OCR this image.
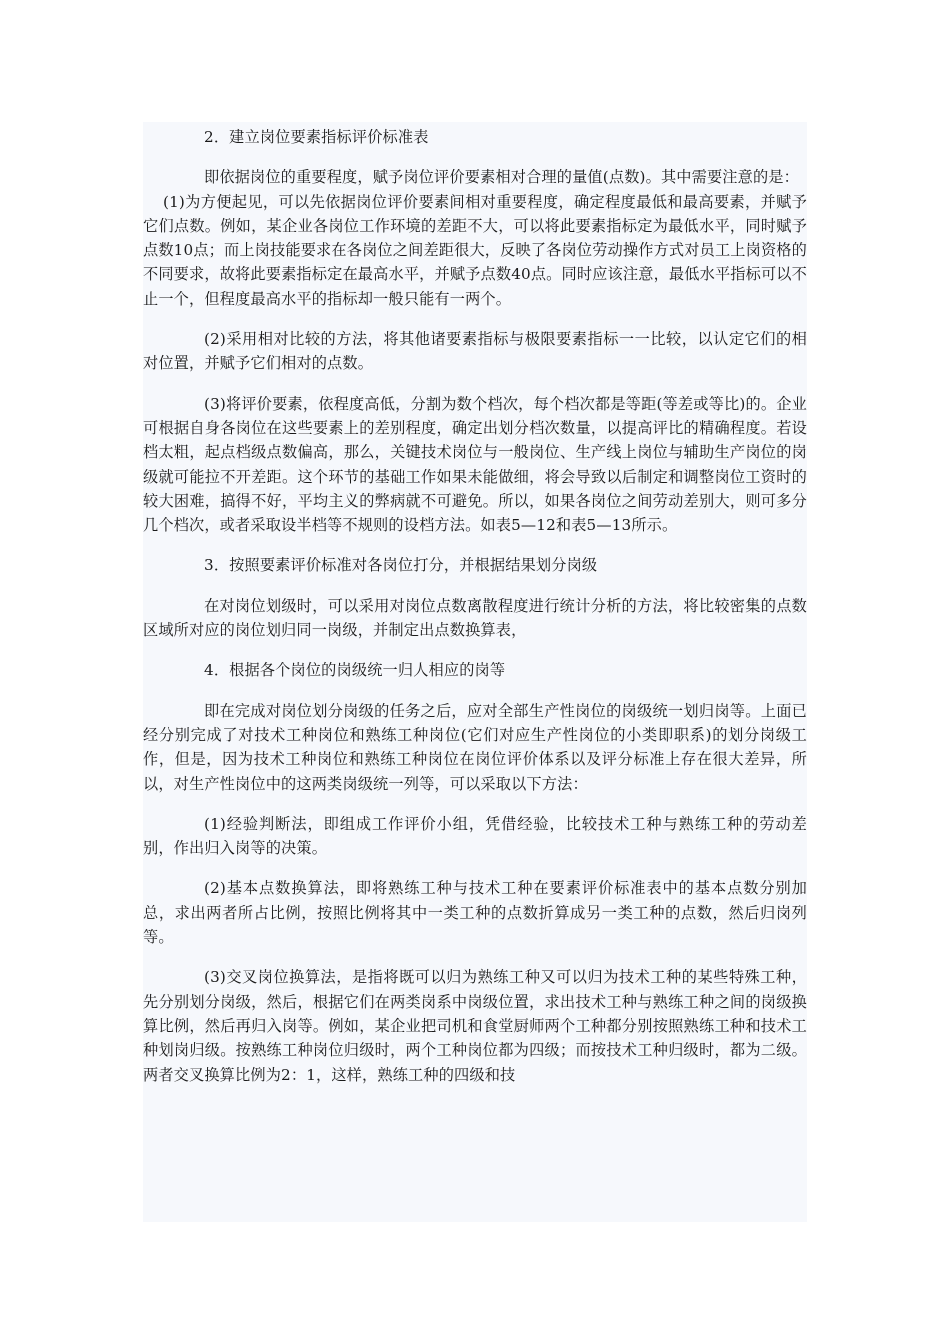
2．建立岗位要素指标评价标准表

即依据岗位的重要程度，赋予岗位评价要素相对合理的量值(点数)。其中需要注意的是：

(1)为方便起见，可以先依据岗位评价要素间相对重要程度，确定程度最低和最高要素，并赋予它们点数。例如，某企业各岗位工作环境的差距不大，可以将此要素指标定为最低水平，同时赋予点数10点；而上岗技能要求在各岗位之间差距很大，反映了各岗位劳动操作方式对员工上岗资格的不同要求，故将此要素指标定在最高水平，并赋予点数40点。同时应该注意，最低水平指标可以不止一个，但程度最高水平的指标却一般只能有一两个。

(2)采用相对比较的方法，将其他诸要素指标与极限要素指标一一比较，以认定它们的相对位置，并赋予它们相对的点数。

(3)将评价要素，依程度高低，分割为数个档次，每个档次都是等距(等差或等比)的。企业可根据自身各岗位在这些要素上的差别程度，确定出划分档次数量，以提高评比的精确程度。若设档太粗，起点档级点数偏高，那么，关键技术岗位与一般岗位、生产线上岗位与辅助生产岗位的岗级就可能拉不开差距。这个环节的基础工作如果未能做细，将会导致以后制定和调整岗位工资时的较大困难，搞得不好，平均主义的弊病就不可避免。所以，如果各岗位之间劳动差别大，则可多分几个档次，或者采取设半档等不规则的设档方法。如表5—12和表5—13所示。

3．按照要素评价标准对各岗位打分，并根据结果划分岗级

在对岗位划级时，可以采用对岗位点数离散程度进行统计分析的方法，将比较密集的点数区域所对应的岗位划归同一岗级，并制定出点数换算表，

4．根据各个岗位的岗级统一归人相应的岗等

即在完成对岗位划分岗级的任务之后，应对全部生产性岗位的岗级统一划归岗等。上面已经分别完成了对技术工种岗位和熟练工种岗位(它们对应生产性岗位的小类即职系)的划分岗级工作，但是，因为技术工种岗位和熟练工种岗位在岗位评价体系以及评分标准上存在很大差异，所以，对生产性岗位中的这两类岗级统一列等，可以采取以下方法：

(1)经验判断法，即组成工作评价小组，凭借经验，比较技术工种与熟练工种的劳动差别，作出归入岗等的决策。

(2)基本点数换算法，即将熟练工种与技术工种在要素评价标准表中的基本点数分别加总，求出两者所占比例，按照比例将其中一类工种的点数折算成另一类工种的点数，然后归岗列等。

(3)交叉岗位换算法，是指将既可以归为熟练工种又可以归为技术工种的某些特殊工种，先分别划分岗级，然后，根据它们在两类岗系中岗级位置，求出技术工种与熟练工种之间的岗级换算比例，然后再归入岗等。例如，某企业把司机和食堂厨师两个工种都分别按照熟练工种和技术工种划岗归级。按熟练工种岗位归级时，两个工种岗位都为四级；而按技术工种归级时，都为二级。两者交叉换算比例为2：1，这样，熟练工种的四级和技
